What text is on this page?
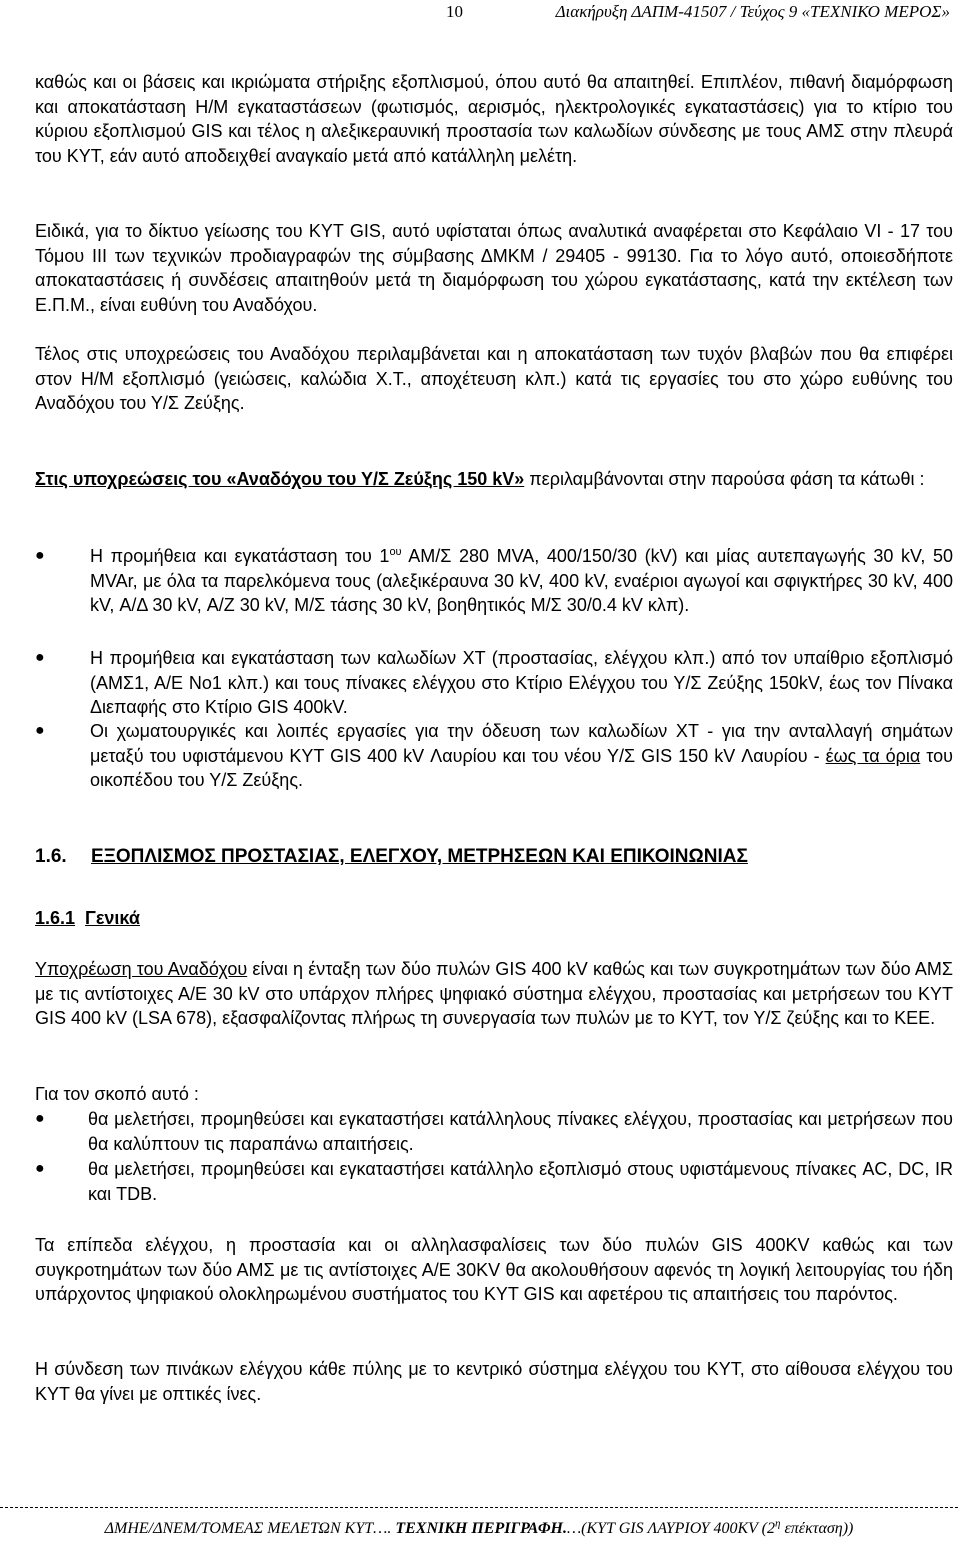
10	Διακήρυξη ΔΑΠΜ-41507 / Τεύχος 9 «ΤΕΧΝΙΚΟ ΜΕΡΟΣ»

καθώς και οι βάσεις και ικριώματα στήριξης εξοπλισμού, όπου αυτό θα απαιτηθεί. Επιπλέον, πιθανή διαμόρφωση και αποκατάσταση Η/Μ εγκαταστάσεων (φωτισμός, αερισμός, ηλεκτρολογικές εγκαταστάσεις) για το κτίριο του κύριου εξοπλισμού GIS και τέλος η αλεξικεραυνική προστασία των καλωδίων σύνδεσης με τους ΑΜΣ στην πλευρά του ΚΥΤ, εάν αυτό αποδειχθεί αναγκαίο μετά από κατάλληλη μελέτη.

Ειδικά, για το δίκτυο γείωσης του ΚΥΤ GIS, αυτό υφίσταται όπως αναλυτικά αναφέρεται στο Κεφάλαιο VI - 17 του Τόμου III των τεχνικών προδιαγραφών της σύμβασης ΔΜΚΜ / 29405 - 99130. Για το λόγο αυτό, οποιεσδήποτε αποκαταστάσεις ή συνδέσεις απαιτηθούν μετά τη διαμόρφωση του χώρου εγκατάστασης, κατά την εκτέλεση των Ε.Π.Μ., είναι ευθύνη του Αναδόχου.

Τέλος στις υποχρεώσεις του Αναδόχου περιλαμβάνεται και η αποκατάσταση των τυχόν βλαβών που θα επιφέρει στον Η/Μ εξοπλισμό (γειώσεις, καλώδια Χ.Τ., αποχέτευση κλπ.) κατά τις εργασίες του στο χώρο ευθύνης του Αναδόχου του Υ/Σ Ζεύξης.

Στις υποχρεώσεις του «Αναδόχου του Υ/Σ Ζεύξης 150 kV» περιλαμβάνονται στην παρούσα φάση τα κάτωθι :

●	Η προμήθεια και εγκατάσταση του $1^{o\upsilon}$ ΑΜ/Σ 280 MVA, 400/150/30 (kV) και μίας αυτεπαγωγής 30 kV, 50 MVAr, με όλα τα παρελκόμενα τους (αλεξικέραυνα 30 kV, 400 kV, εναέριοι αγωγοί και σφιγκτήρες 30 kV, 400 kV, Α/Δ 30 kV, Α/Ζ 30 kV, Μ/Σ τάσης 30 kV, βοηθητικός Μ/Σ 30/0.4 kV κλπ).
●	Η προμήθεια και εγκατάσταση των καλωδίων ΧΤ (προστασίας, ελέγχου κλπ.) από τον υπαίθριο εξοπλισμό (ΑΜΣ1, Α/Ε Νο1 κλπ.) και τους πίνακες ελέγχου στο Κτίριο Ελέγχου του Υ/Σ Ζεύξης 150kV, έως τον Πίνακα Διεπαφής στο Κτίριο GIS 400kV.
●	Οι χωματουργικές και λοιπές εργασίες για την όδευση των καλωδίων ΧΤ - για την ανταλλαγή σημάτων μεταξύ του υφιστάμενου ΚΥΤ GIS 400 kV Λαυρίου και του νέου Υ/Σ GIS 150 kV Λαυρίου - έως τα όρια του οικοπέδου του Υ/Σ Ζεύξης.
1.6. ΕΞΟΠΛΙΣΜΟΣ ΠΡΟΣΤΑΣΙΑΣ, ΕΛΕΓΧΟΥ, ΜΕΤΡΗΣΕΩΝ ΚΑΙ ΕΠΙΚΟΙΝΩΝΙΑΣ
1.6.1 Γενικά

Υποχρέωση του Αναδόχου είναι η ένταξη των δύο πυλών GIS 400 kV καθώς και των συγκροτημάτων των δύο ΑΜΣ με τις αντίστοιχες Α/Ε 30 kV στο υπάρχον πλήρες ψηφιακό σύστημα ελέγχου, προστασίας και μετρήσεων του ΚΥΤ GIS 400 kV (LSA 678), εξασφαλίζοντας πλήρως τη συνεργασία των πυλών με το ΚΥΤ, τον Υ/Σ ζεύξης και το ΚΕΕ.

Για τον σκοπό αυτό :

● θα μελετήσει, προμηθεύσει και εγκαταστήσει κατάλληλους πίνακες ελέγχου, προστασίας και μετρήσεων που θα καλύπτουν τις παραπάνω απαιτήσεις.
● θα μελετήσει, προμηθεύσει και εγκαταστήσει κατάλληλο εξοπλισμό στους υφιστάμενους πίνακες AC, DC, IR και TDB.

Τα επίπεδα ελέγχου, η προστασία και οι αλληλασφαλίσεις των δύο πυλών GIS 400KV καθώς και των συγκροτημάτων των δύο ΑΜΣ με τις αντίστοιχες Α/Ε 30KV θα ακολουθήσουν αφενός τη λογική λειτουργίας του ήδη υπάρχοντος ψηφιακού ολοκληρωμένου συστήματος του ΚΥΤ GIS και αφετέρου τις απαιτήσεις του παρόντος.

Η σύνδεση των πινάκων ελέγχου κάθε πύλης με το κεντρικό σύστημα ελέγχου του ΚΥΤ, στο αίθουσα ελέγχου του ΚΥΤ θα γίνει με οπτικές ίνες.

ΔΜΗΕ/ΔΝΕΜ/ΤΟΜΕΑΣ ΜΕΛΕΤΩΝ ΚΥΤ…. ΤΕΧΝΙΚΗ ΠΕΡΙΓΡΑΦΗ.…(ΚΥΤ GIS ΛΑΥΡΙΟΥ 400KV ($2^\eta$ επέκταση))
